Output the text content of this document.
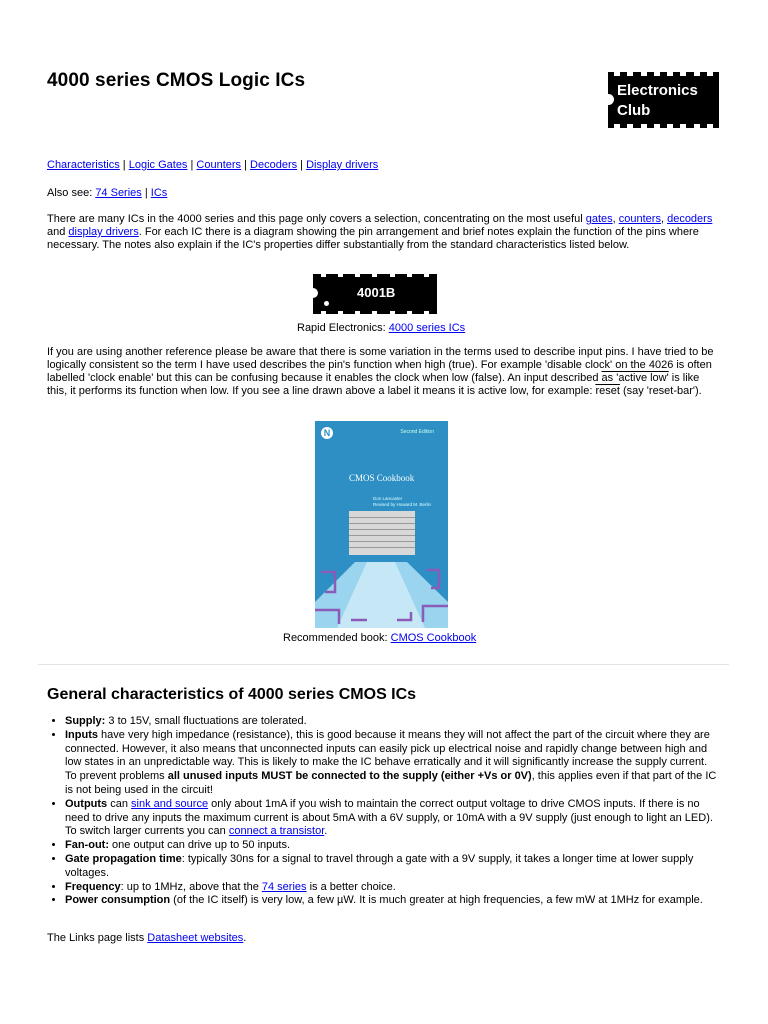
4000 series CMOS Logic ICs	Electronics
Club

Characteristics | Logic Gates | Counters | Decoders | Display drivers

Also see: 74 Series | ICs

There are many ICs in the 4000 series and this page only covers a selection, concentrating on the most useful gates, counters, decoders and display drivers. For each IC there is a diagram showing the pin arrangement and brief notes explain the function of the pins where necessary. The notes also explain if the IC's properties differ substantially from the standard characteristics listed below.

4001B

Rapid Electronics: 4000 series ICs

If you are using another reference please be aware that there is some variation in the terms used to describe input pins. I have tried to be logically consistent so the term I have used describes the pin's function when high (true). For example 'disable clock' on the 4026 is often labelled 'clock enable' but this can be confusing because it enables the clock when low (false). An input described as 'active low' is like this, it performs its function when low. If you see a line drawn above a label it means it is active low, for example: reset (say 'reset-bar').

N	Second Edition
CMOS Cookbook
Don Lancaster
Revised by Howard M. Berlin

Recommended book: CMOS Cookbook

General characteristics of 4000 series CMOS ICs
• Supply: 3 to 15V, small fluctuations are tolerated.
• Inputs have very high impedance (resistance), this is good because it means they will not affect the part of the circuit where they are connected. However, it also means that unconnected inputs can easily pick up electrical noise and rapidly change between high and low states in an unpredictable way. This is likely to make the IC behave erratically and it will significantly increase the supply current. To prevent problems all unused inputs MUST be connected to the supply (either +Vs or 0V), this applies even if that part of the IC is not being used in the circuit!
• Outputs can sink and source only about 1mA if you wish to maintain the correct output voltage to drive CMOS inputs. If there is no need to drive any inputs the maximum current is about 5mA with a 6V supply, or 10mA with a 9V supply (just enough to light an LED). To switch larger currents you can connect a transistor.
• Fan-out: one output can drive up to 50 inputs.
• Gate propagation time: typically 30ns for a signal to travel through a gate with a 9V supply, it takes a longer time at lower supply voltages.
• Frequency: up to 1MHz, above that the 74 series is a better choice.
• Power consumption (of the IC itself) is very low, a few µW. It is much greater at high frequencies, a few mW at 1MHz for example.

The Links page lists Datasheet websites.
